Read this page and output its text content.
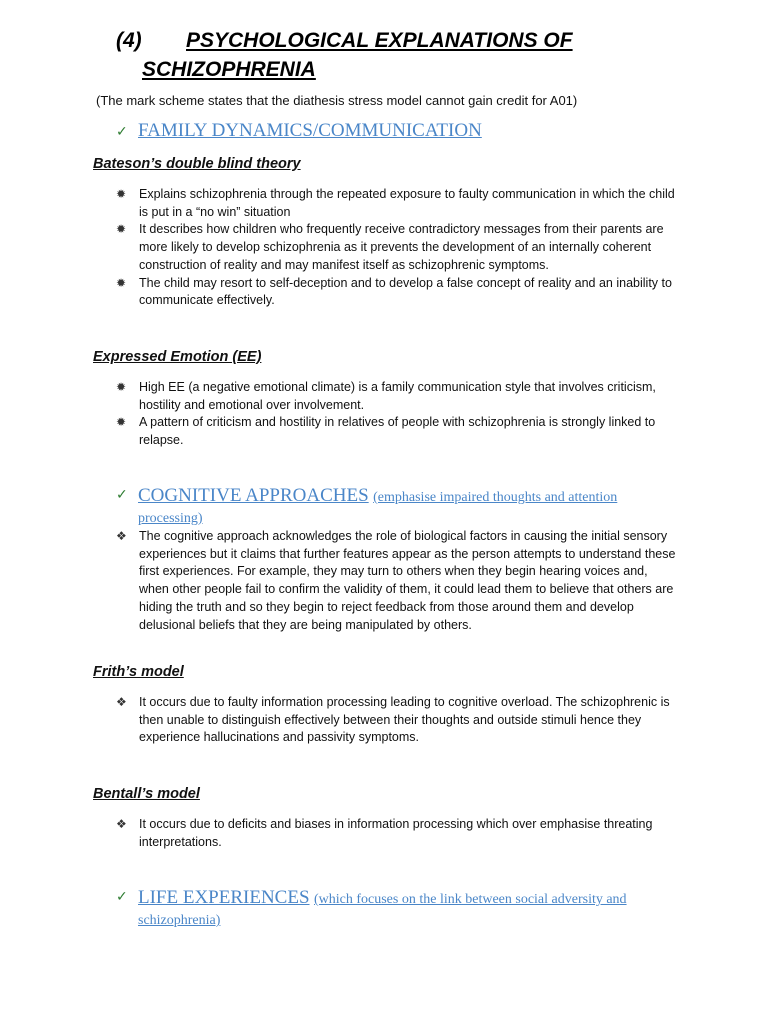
(4) PSYCHOLOGICAL EXPLANATIONS OF
SCHIZOPHRENIA
(The mark scheme states that the diathesis stress model cannot gain credit for A01)
✓ FAMILY DYNAMICS/COMMUNICATION
Bateson’s double blind theory
✹ Explains schizophrenia through the repeated exposure to faulty communication in which the child is put in a “no win” situation
✹ It describes how children who frequently receive contradictory messages from their parents are more likely to develop schizophrenia as it prevents the development of an internally coherent construction of reality and may manifest itself as schizophrenic symptoms.
✹ The child may resort to self-deception and to develop a false concept of reality and an inability to communicate effectively.
Expressed Emotion (EE)
✹ High EE (a negative emotional climate) is a family communication style that involves criticism, hostility and emotional over involvement.
✹ A pattern of criticism and hostility in relatives of people with schizophrenia is strongly linked to relapse.
✓ COGNITIVE APPROACHES (emphasise impaired thoughts and attention processing)
❖ The cognitive approach acknowledges the role of biological factors in causing the initial sensory experiences but it claims that further features appear as the person attempts to understand these first experiences. For example, they may turn to others when they begin hearing voices and, when other people fail to confirm the validity of them, it could lead them to believe that others are hiding the truth and so they begin to reject feedback from those around them and develop delusional beliefs that they are being manipulated by others.
Frith’s model
❖ It occurs due to faulty information processing leading to cognitive overload. The schizophrenic is then unable to distinguish effectively between their thoughts and outside stimuli hence they experience hallucinations and passivity symptoms.
Bentall’s model
❖ It occurs due to deficits and biases in information processing which over emphasise threating interpretations.
✓ LIFE EXPERIENCES (which focuses on the link between social adversity and schizophrenia)
